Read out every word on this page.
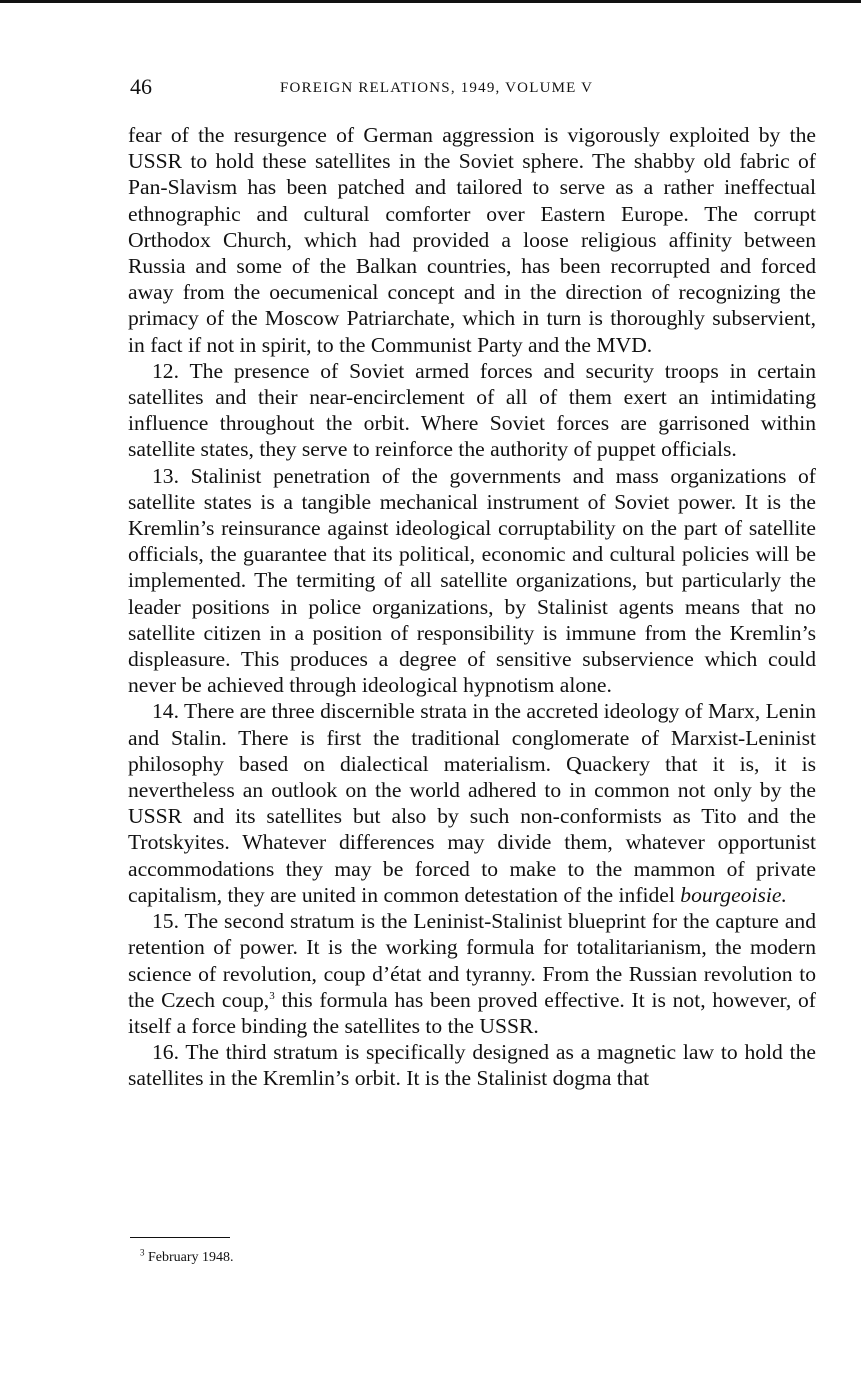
46	FOREIGN RELATIONS, 1949, VOLUME V

fear of the resurgence of German aggression is vigorously exploited by the USSR to hold these satellites in the Soviet sphere. The shabby old fabric of Pan-Slavism has been patched and tailored to serve as a rather ineffectual ethnographic and cultural comforter over Eastern Europe. The corrupt Orthodox Church, which had provided a loose religious affinity between Russia and some of the Balkan countries, has been recorrupted and forced away from the oecumenical concept and in the direction of recognizing the primacy of the Moscow Patriarchate, which in turn is thoroughly subservient, in fact if not in spirit, to the Communist Party and the MVD.

12. The presence of Soviet armed forces and security troops in certain satellites and their near-encirclement of all of them exert an intimidating influence throughout the orbit. Where Soviet forces are garrisoned within satellite states, they serve to reinforce the authority of puppet officials.

13. Stalinist penetration of the governments and mass organizations of satellite states is a tangible mechanical instrument of Soviet power. It is the Kremlin’s reinsurance against ideological corruptability on the part of satellite officials, the guarantee that its political, economic and cultural policies will be implemented. The termiting of all satellite organizations, but particularly the leader positions in police organizations, by Stalinist agents means that no satellite citizen in a position of responsibility is immune from the Kremlin’s displeasure. This produces a degree of sensitive subservience which could never be achieved through ideological hypnotism alone.

14. There are three discernible strata in the accreted ideology of Marx, Lenin and Stalin. There is first the traditional conglomerate of Marxist-Leninist philosophy based on dialectical materialism. Quackery that it is, it is nevertheless an outlook on the world adhered to in common not only by the USSR and its satellites but also by such non-conformists as Tito and the Trotskyites. Whatever differences may divide them, whatever opportunist accommodations they may be forced to make to the mammon of private capitalism, they are united in common detestation of the infidel bourgeoisie.

15. The second stratum is the Leninist-Stalinist blueprint for the capture and retention of power. It is the working formula for totalitarianism, the modern science of revolution, coup d’état and tyranny. From the Russian revolution to the Czech coup,$^3$ this formula has been proved effective. It is not, however, of itself a force binding the satellites to the USSR.

16. The third stratum is specifically designed as a magnetic law to hold the satellites in the Kremlin’s orbit. It is the Stalinist dogma that

$^3$ February 1948.
